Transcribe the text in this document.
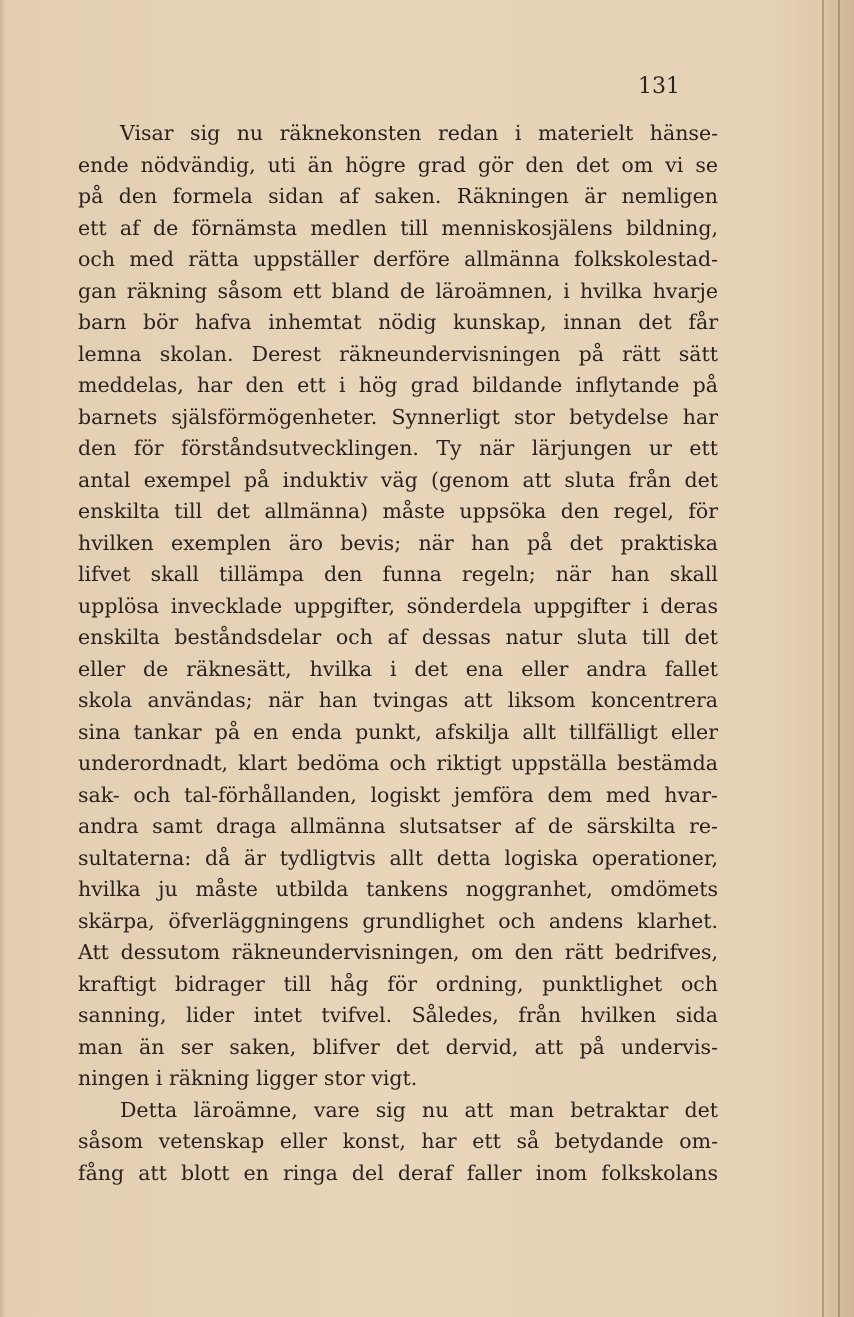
131
Visar sig nu räknekonsten redan i materielt hänse-
ende nödvändig, uti än högre grad gör den det om vi se
på den formela sidan af saken. Räkningen är nemligen
ett af de förnämsta medlen till menniskosjälens bildning,
och med rätta uppställer derföre allmänna folkskolestad-
gan räkning såsom ett bland de läroämnen, i hvilka hvarje
barn bör hafva inhemtat nödig kunskap, innan det får
lemna skolan. Derest räkneundervisningen på rätt sätt
meddelas, har den ett i hög grad bildande inflytande på
barnets själsförmögenheter. Synnerligt stor betydelse har
den för förståndsutvecklingen. Ty när lärjungen ur ett
antal exempel på induktiv väg (genom att sluta från det
enskilta till det allmänna) måste uppsöka den regel, för
hvilken exemplen äro bevis; när han på det praktiska
lifvet skall tillämpa den funna regeln; när han skall
upplösa invecklade uppgifter, sönderdela uppgifter i deras
enskilta beståndsdelar och af dessas natur sluta till det
eller de räknesätt, hvilka i det ena eller andra fallet
skola användas; när han tvingas att liksom koncentrera
sina tankar på en enda punkt, afskilja allt tillfälligt eller
underordnadt, klart bedöma och riktigt uppställa bestämda
sak- och tal-förhållanden, logiskt jemföra dem med hvar-
andra samt draga allmänna slutsatser af de särskilta re-
sultaterna: då är tydligtvis allt detta logiska operationer,
hvilka ju måste utbilda tankens noggranhet, omdömets
skärpa, öfverläggningens grundlighet och andens klarhet.
Att dessutom räkneundervisningen, om den rätt bedrifves,
kraftigt bidrager till håg för ordning, punktlighet och
sanning, lider intet tvifvel. Således, från hvilken sida
man än ser saken, blifver det dervid, att på undervis-
ningen i räkning ligger stor vigt.
Detta läroämne, vare sig nu att man betraktar det
såsom vetenskap eller konst, har ett så betydande om-
fång att blott en ringa del deraf faller inom folkskolans
